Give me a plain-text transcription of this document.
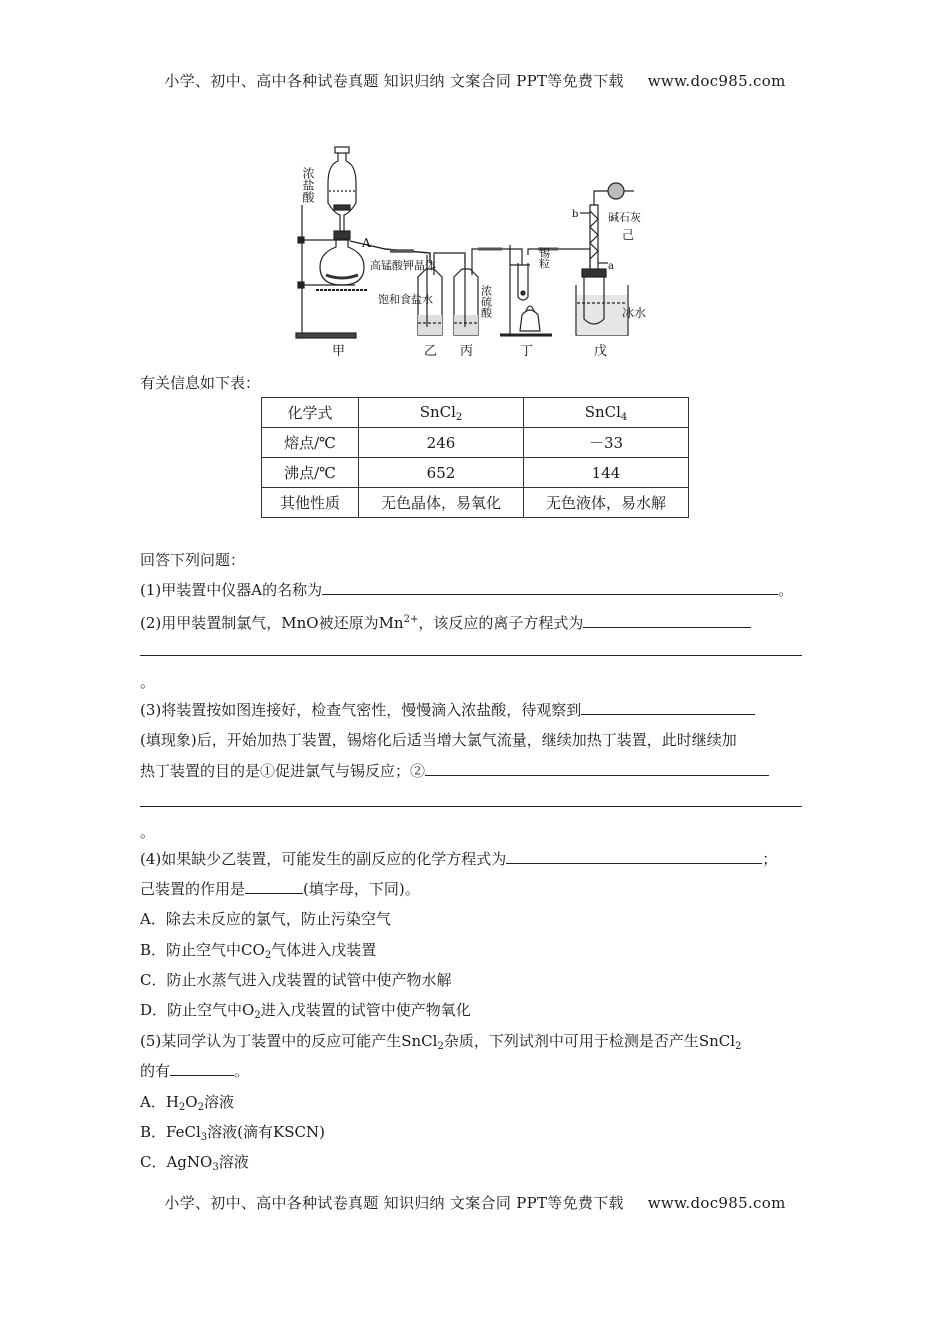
小学、初中、高中各种试卷真题 知识归纳 文案合同 PPT等免费下载 www.doc985.com
浓盐酸
A
高锰酸钾晶体
饱和食盐水	浓硫酸
锡粒
碱石灰
己
b
a
冰水
甲	乙 丙	丁	戊
有关信息如下表：
化学式	SnCl$_2$	SnCl$_4$
熔点/℃	246	－33
沸点/℃	652	144
其他性质	无色晶体，易氧化	无色液体，易水解
回答下列问题：
(1)甲装置中仪器A的名称为	。
(2)用甲装置制氯气，MnO被还原为$Mn^{2+}$，该反应的离子方程式为
。
(3)将装置按如图连接好，检查气密性，慢慢滴入浓盐酸，待观察到
(填现象)后，开始加热丁装置，锡熔化后适当增大氯气流量，继续加热丁装置，此时继续加
热丁装置的目的是①促进氯气与锡反应；②
。
(4)如果缺少乙装置，可能发生的副反应的化学方程式为	；
己装置的作用是	(填字母，下同)。
A．除去未反应的氯气，防止污染空气
B．防止空气中$CO_2$气体进入戊装置
C．防止水蒸气进入戊装置的试管中使产物水解
D．防止空气中$O_2$进入戊装置的试管中使产物氧化
(5)某同学认为丁装置中的反应可能产生SnCl$_2$杂质，下列试剂中可用于检测是否产生SnCl$_2$
的有	。
A．$H_2O_2$溶液
B．FeCl$_3$溶液(滴有KSCN)
C．AgNO$_3$溶液
小学、初中、高中各种试卷真题 知识归纳 文案合同 PPT等免费下载 www.doc985.com
